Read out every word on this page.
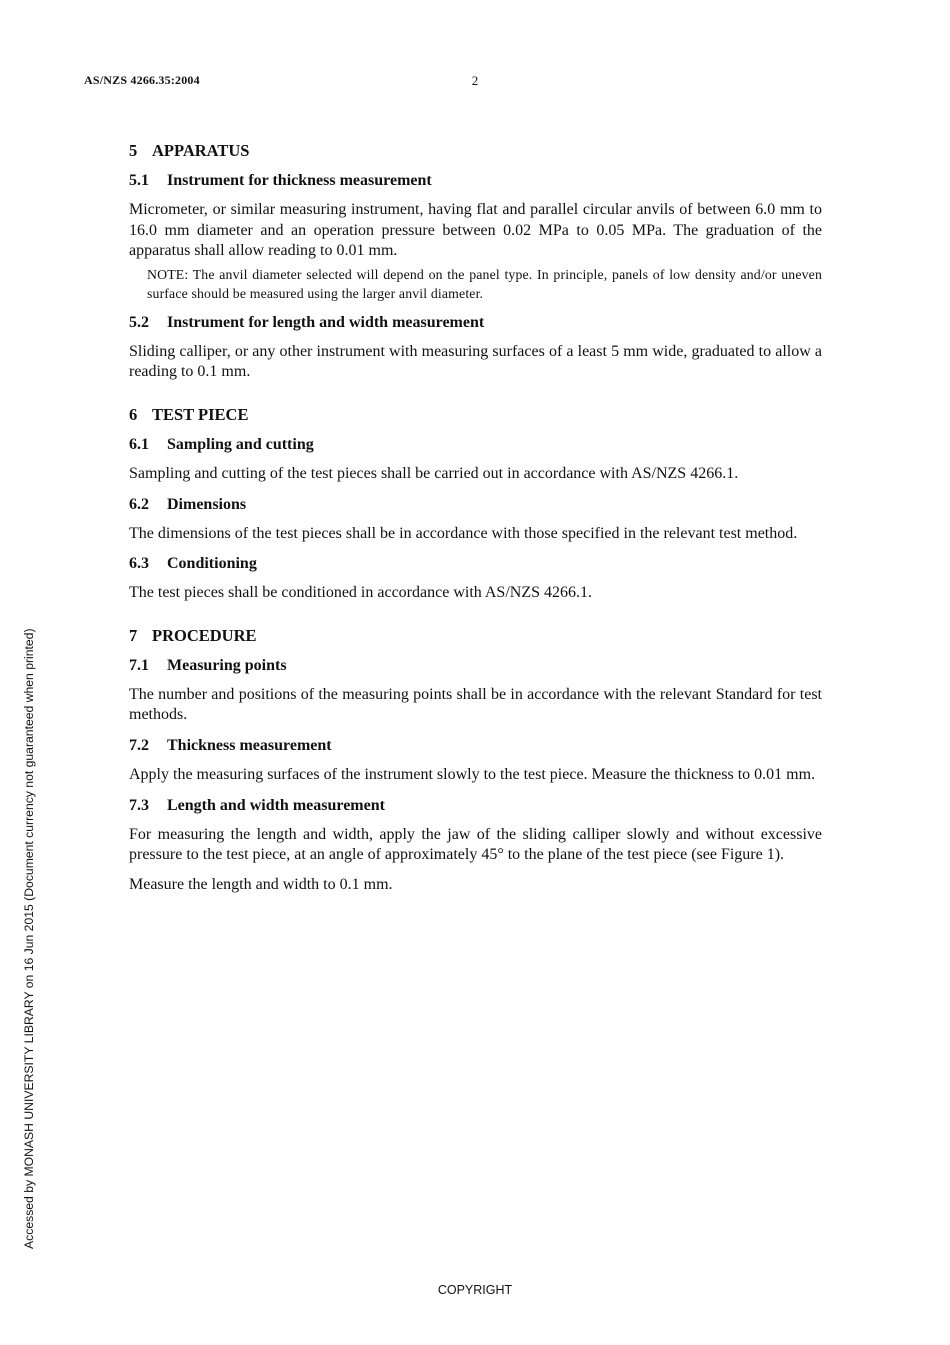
AS/NZS 4266.35:2004	2
5 APPARATUS
5.1 Instrument for thickness measurement

Micrometer, or similar measuring instrument, having flat and parallel circular anvils of between 6.0 mm to 16.0 mm diameter and an operation pressure between 0.02 MPa to 0.05 MPa. The graduation of the apparatus shall allow reading to 0.01 mm.

NOTE: The anvil diameter selected will depend on the panel type. In principle, panels of low density and/or uneven surface should be measured using the larger anvil diameter.

5.2 Instrument for length and width measurement

Sliding calliper, or any other instrument with measuring surfaces of a least 5 mm wide, graduated to allow a reading to 0.1 mm.

6 TEST PIECE
6.1 Sampling and cutting

Sampling and cutting of the test pieces shall be carried out in accordance with AS/NZS 4266.1.

6.2 Dimensions

The dimensions of the test pieces shall be in accordance with those specified in the relevant test method.

6.3 Conditioning

The test pieces shall be conditioned in accordance with AS/NZS 4266.1.

7 PROCEDURE
7.1 Measuring points

The number and positions of the measuring points shall be in accordance with the relevant Standard for test methods.

7.2 Thickness measurement

Apply the measuring surfaces of the instrument slowly to the test piece. Measure the thickness to 0.01 mm.

7.3 Length and width measurement

For measuring the length and width, apply the jaw of the sliding calliper slowly and without excessive pressure to the test piece, at an angle of approximately 45° to the plane of the test piece (see Figure 1).

Measure the length and width to 0.1 mm.

Accessed by MONASH UNIVERSITY LIBRARY on 16 Jun 2015 (Document currency not guaranteed when printed)
COPYRIGHT
